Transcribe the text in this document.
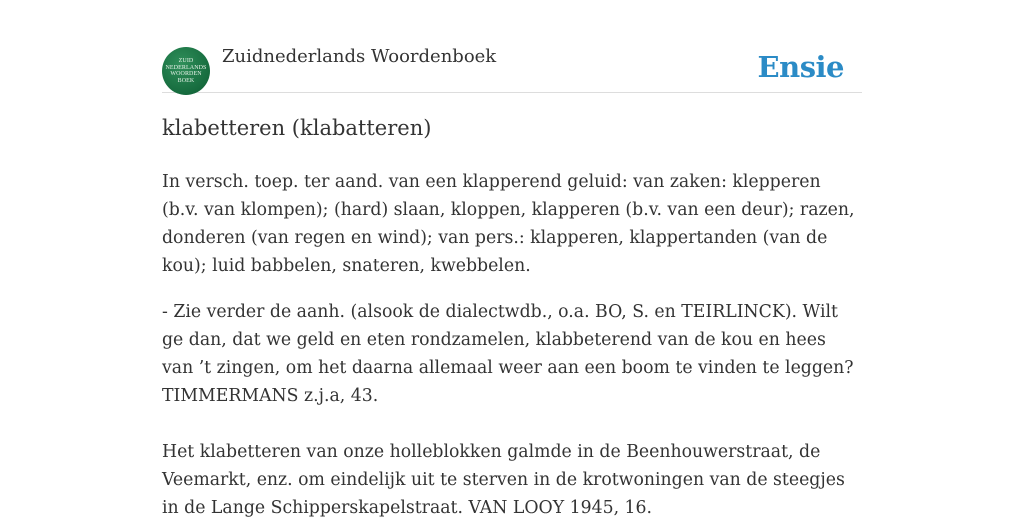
ZUID
NEDERLANDS
WOORDEN
BOEK
Zuidnederlands Woordenboek	Ensie
klabetteren (klabatteren)

In versch. toep. ter aand. van een klapperend geluid: van zaken: klepperen (b.v. van klompen); (hard) slaan, kloppen, klapperen (b.v. van een deur); razen, donderen (van regen en wind); van pers.: klapperen, klappertanden (van de kou); luid babbelen, snateren, kwebbelen.

- Zie verder de aanh. (alsook de dialectwdb., o.a. BO, S. en TEIRLINCK). Wilt ge dan, dat we geld en eten rondzamelen, klabbeterend van de kou en hees van ’t zingen, om het daarna allemaal weer aan een boom te vinden te leggen? TIMMERMANS z.j.a, 43.

Het klabetteren van onze holleblokken galmde in de Beenhouwerstraat, de Veemarkt, enz. om eindelijk uit te sterven in de krotwoningen van de steegjes in de Lange Schipperskapelstraat. VAN LOOY 1945, 16.
